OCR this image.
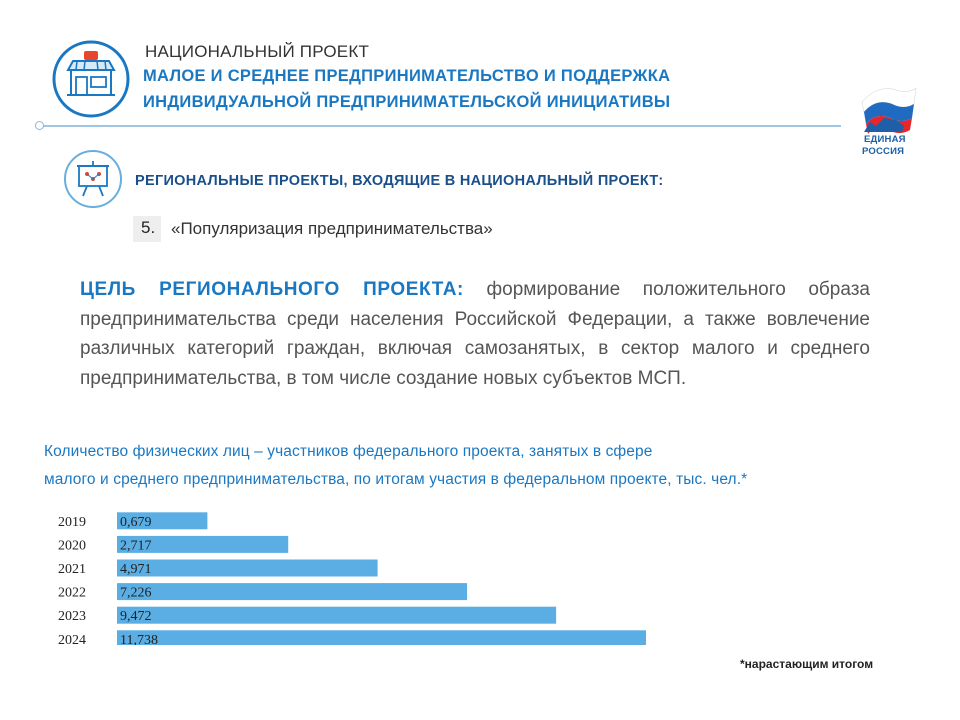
НАЦИОНАЛЬНЫЙ ПРОЕКТ
МАЛОЕ И СРЕДНЕЕ ПРЕДПРИНИМАТЕЛЬСТВО И ПОДДЕРЖКА
ИНДИВИДУАЛЬНОЙ ПРЕДПРИНИМАТЕЛЬСКОЙ ИНИЦИАТИВЫ
ЕДИНАЯ
РОССИЯ
РЕГИОНАЛЬНЫЕ ПРОЕКТЫ, ВХОДЯЩИЕ В НАЦИОНАЛЬНЫЙ ПРОЕКТ:
5. «Популяризация предпринимательства»
ЦЕЛЬ РЕГИОНАЛЬНОГО ПРОЕКТА: формирование положительного образа предпринимательства среди населения Российской Федерации, а также вовлечение различных категорий граждан, включая самозанятых, в сектор малого и среднего предпринимательства, в том числе создание новых субъектов МСП.
Количество физических лиц – участников федерального проекта, занятых в сфере
малого и среднего предпринимательства, по итогам участия в федеральном проекте, тыс. чел.*
2019 0,679
2020 2,717
2021 4,971
2022 7,226
2023 9,472
2024 11,738
*нарастающим итогом
